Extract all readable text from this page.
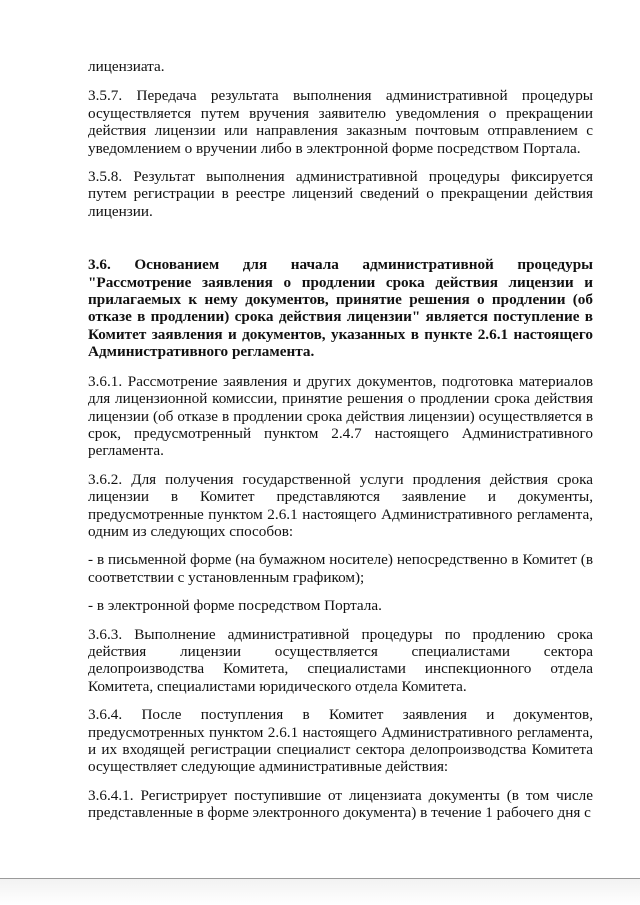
лицензиата.

3.5.7. Передача результата выполнения административной процедуры осуществляется путем вручения заявителю уведомления о прекращении действия лицензии или направления заказным почтовым отправлением с уведомлением о вручении либо в электронной форме посредством Портала.

3.5.8. Результат выполнения административной процедуры фиксируется путем регистрации в реестре лицензий сведений о прекращении действия лицензии.

3.6. Основанием для начала административной процедуры "Рассмотрение заявления о продлении срока действия лицензии и прилагаемых к нему документов, принятие решения о продлении (об отказе в продлении) срока действия лицензии" является поступление в Комитет заявления и документов, указанных в пункте 2.6.1 настоящего Административного регламента.

3.6.1. Рассмотрение заявления и других документов, подготовка материалов для лицензионной комиссии, принятие решения о продлении срока действия лицензии (об отказе в продлении срока действия лицензии) осуществляется в срок, предусмотренный пунктом 2.4.7 настоящего Административного регламента.

3.6.2. Для получения государственной услуги продления действия срока лицензии в Комитет представляются заявление и документы, предусмотренные пунктом 2.6.1 настоящего Административного регламента, одним из следующих способов:

- в письменной форме (на бумажном носителе) непосредственно в Комитет (в соответствии с установленным графиком);

- в электронной форме посредством Портала.

3.6.3. Выполнение административной процедуры по продлению срока действия лицензии осуществляется специалистами сектора делопроизводства Комитета, специалистами инспекционного отдела Комитета, специалистами юридического отдела Комитета.

3.6.4. После поступления в Комитет заявления и документов, предусмотренных пунктом 2.6.1 настоящего Административного регламента, и их входящей регистрации специалист сектора делопроизводства Комитета осуществляет следующие административные действия:

3.6.4.1. Регистрирует поступившие от лицензиата документы (в том числе представленные в форме электронного документа) в течение 1 рабочего дня с
